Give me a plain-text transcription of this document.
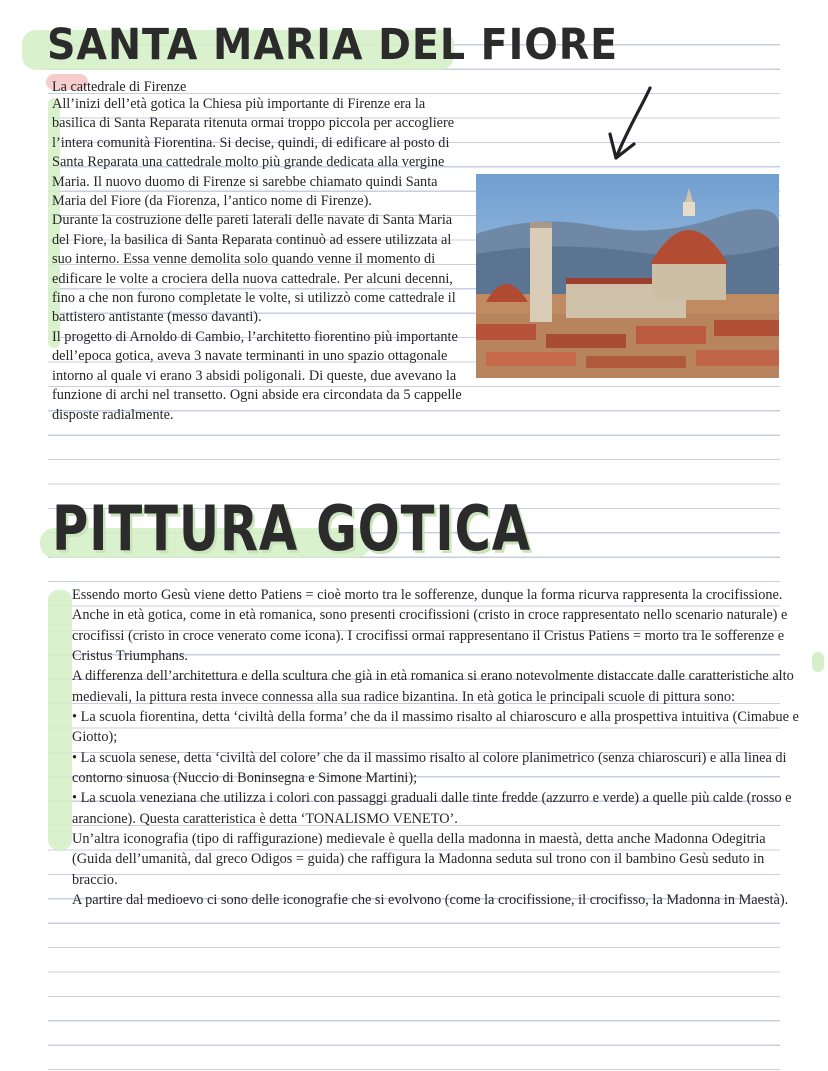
SANTA MARIA DEL FIORE
La cattedrale di Firenze

All’inizi dell’età gotica la Chiesa più importante di Firenze era la basilica di Santa Reparata ritenuta ormai troppo piccola per accogliere l’intera comunità Fiorentina. Si decise, quindi, di edificare al posto di Santa Reparata una cattedrale molto più grande dedicata alla vergine Maria. Il nuovo duomo di Firenze si sarebbe chiamato quindi Santa Maria del Fiore (da Fiorenza, l’antico nome di Firenze).

Durante la costruzione delle pareti laterali delle navate di Santa Maria del Fiore, la basilica di Santa Reparata continuò ad essere utilizzata al suo interno. Essa venne demolita solo quando venne il momento di edificare le volte a crociera della nuova cattedrale. Per alcuni decenni, fino a che non furono completate le volte, si utilizzò come cattedrale il battistero antistante (messo davanti).

Il progetto di Arnoldo di Cambio, l’architetto fiorentino più importante dell’epoca gotica, aveva 3 navate terminanti in uno spazio ottagonale intorno al quale vi erano 3 absidi poligonali. Di queste, due avevano la funzione di archi nel transetto. Ogni abside era circondata da 5 cappelle disposte radialmente.

PITTURA GOTICA

Essendo morto Gesù viene detto Patiens = cioè morto tra le sofferenze, dunque la forma ricurva rappresenta la crocifissione.

Anche in età gotica, come in età romanica, sono presenti crocifissioni (cristo in croce rappresentato nello scenario naturale) e crocifissi (cristo in croce venerato come icona). I crocifissi ormai rappresentano il Cristus Patiens = morto tra le sofferenze e Cristus Triumphans.

A differenza dell’architettura e della scultura che già in età romanica si erano notevolmente distaccate dalle caratteristiche alto medievali, la pittura resta invece connessa alla sua radice bizantina. In età gotica le principali scuole di pittura sono:

• La scuola fiorentina, detta ‘civiltà della forma’ che da il massimo risalto al chiaroscuro e alla prospettiva intuitiva (Cimabue e Giotto);

• La scuola senese, detta ‘civiltà del colore’ che da il massimo risalto al colore planimetrico (senza chiaroscuri) e alla linea di contorno sinuosa (Nuccio di Boninsegna e Simone Martini);

• La scuola veneziana che utilizza i colori con passaggi graduali dalle tinte fredde (azzurro e verde) a quelle più calde (rosso e arancione). Questa caratteristica è detta ‘TONALISMO VENETO’.

Un’altra iconografia (tipo di raffigurazione) medievale è quella della madonna in maestà, detta anche Madonna Odegitria (Guida dell’umanità, dal greco Odigos = guida) che raffigura la Madonna seduta sul trono con il bambino Gesù seduto in braccio.

A partire dal medioevo ci sono delle iconografie che si evolvono (come la crocifissione, il crocifisso, la Madonna in Maestà).
